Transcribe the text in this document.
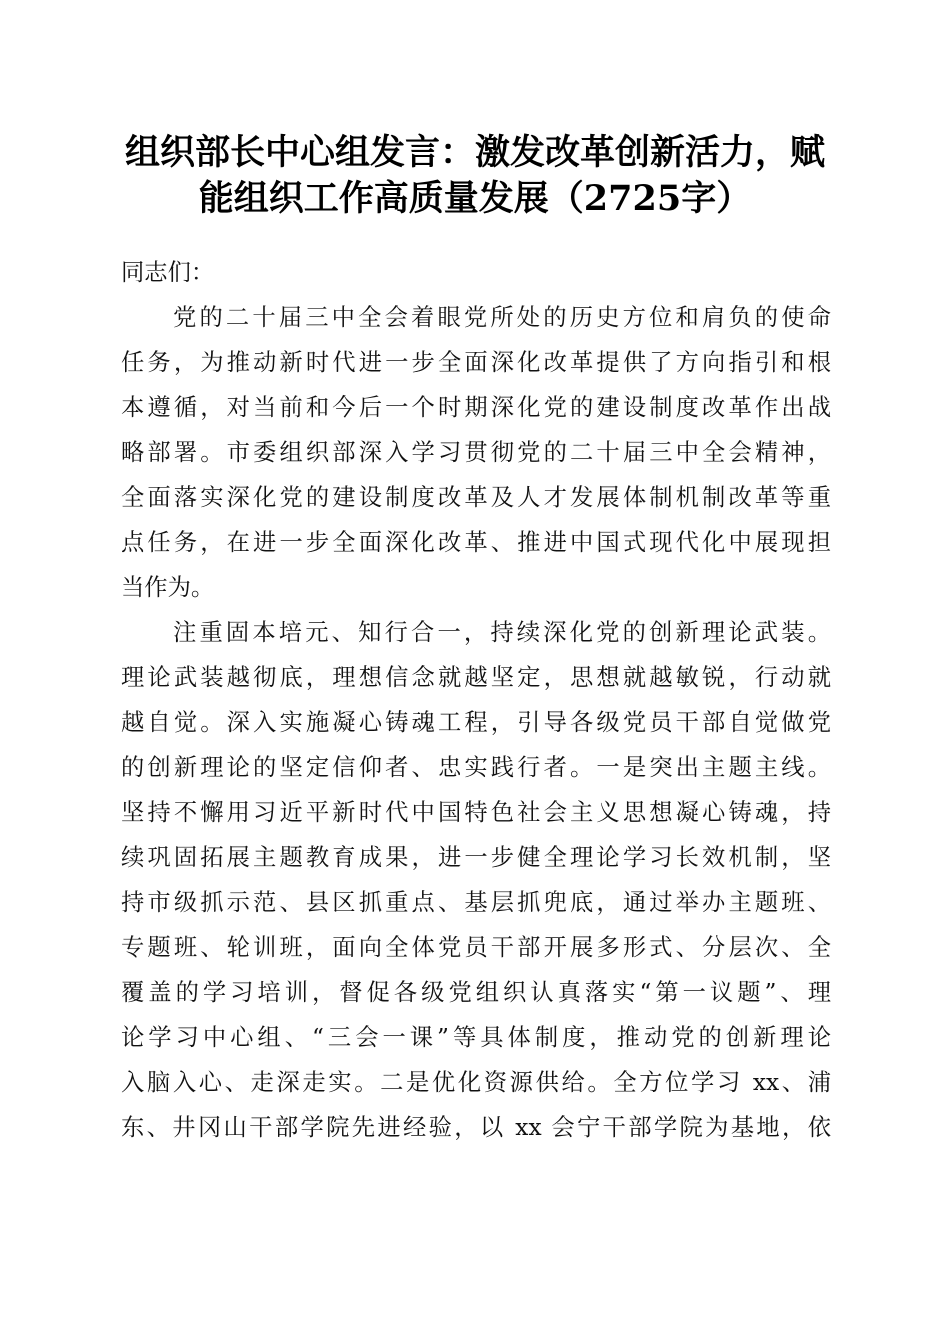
组织部长中心组发言：激发改革创新活力，赋
能组织工作高质量发展（2725字）
同志们：
党的二十届三中全会着眼党所处的历史方位和肩负的使命
任务，为推动新时代进一步全面深化改革提供了方向指引和根
本遵循，对当前和今后一个时期深化党的建设制度改革作出战
略部署。市委组织部深入学习贯彻党的二十届三中全会精神，
全面落实深化党的建设制度改革及人才发展体制机制改革等重
点任务，在进一步全面深化改革、推进中国式现代化中展现担
当作为。
注重固本培元、知行合一，持续深化党的创新理论武装。
理论武装越彻底，理想信念就越坚定，思想就越敏锐，行动就
越自觉。深入实施凝心铸魂工程，引导各级党员干部自觉做党
的创新理论的坚定信仰者、忠实践行者。一是突出主题主线。
坚持不懈用习近平新时代中国特色社会主义思想凝心铸魂，持
续巩固拓展主题教育成果，进一步健全理论学习长效机制，坚
持市级抓示范、县区抓重点、基层抓兜底，通过举办主题班、
专题班、轮训班，面向全体党员干部开展多形式、分层次、全
覆盖的学习培训，督促各级党组织认真落实“第一议题”、理
论学习中心组、“三会一课”等具体制度，推动党的创新理论
入脑入心、走深走实。二是优化资源供给。全方位学习 xx、浦
东、井冈山干部学院先进经验，以 xx 会宁干部学院为基地，依
